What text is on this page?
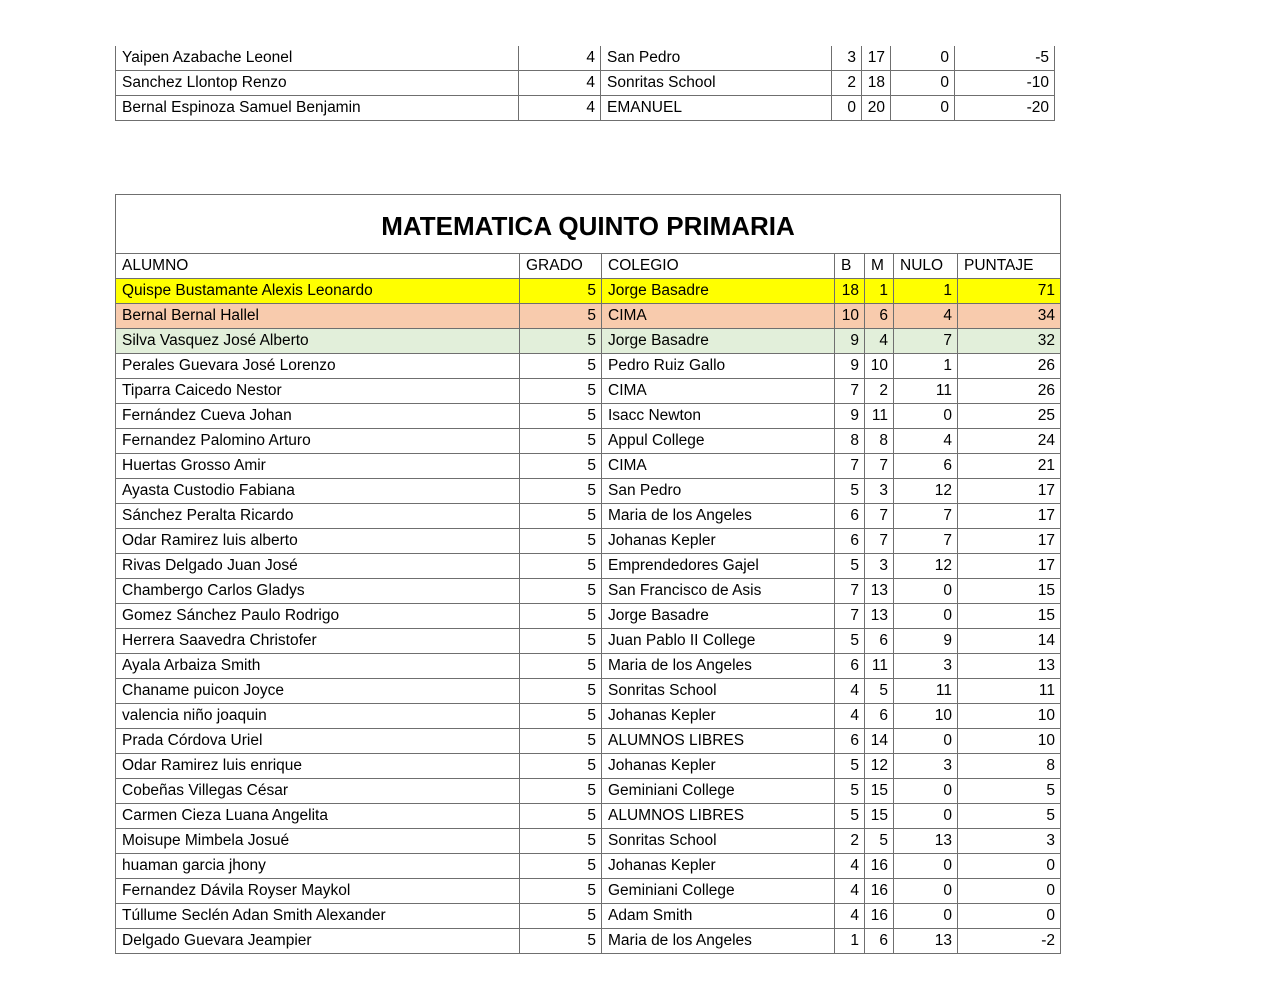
Yaipen Azabache Leonel	4	San Pedro	3	17	0	-5
Sanchez Llontop Renzo	4	Sonritas School	2	18	0	-10
Bernal Espinoza Samuel Benjamin	4	EMANUEL	0	20	0	-20
MATEMATICA QUINTO PRIMARIA						
ALUMNO	GRADO	COLEGIO	B	M	NULO	PUNTAJE
Quispe Bustamante Alexis Leonardo	5	Jorge Basadre	18	1	1	71
Bernal Bernal Hallel	5	CIMA	10	6	4	34
Silva Vasquez José Alberto	5	Jorge Basadre	9	4	7	32
Perales Guevara José Lorenzo	5	Pedro Ruiz Gallo	9	10	1	26
Tiparra Caicedo Nestor	5	CIMA	7	2	11	26
Fernández Cueva Johan	5	Isacc Newton	9	11	0	25
Fernandez Palomino Arturo	5	Appul College	8	8	4	24
Huertas Grosso Amir	5	CIMA	7	7	6	21
Ayasta Custodio Fabiana	5	San Pedro	5	3	12	17
Sánchez Peralta Ricardo	5	Maria de los Angeles	6	7	7	17
Odar Ramirez luis alberto	5	Johanas Kepler	6	7	7	17
Rivas Delgado Juan José	5	Emprendedores Gajel	5	3	12	17
Chambergo Carlos Gladys	5	San Francisco de Asis	7	13	0	15
Gomez Sánchez Paulo Rodrigo	5	Jorge Basadre	7	13	0	15
Herrera Saavedra Christofer	5	Juan Pablo II College	5	6	9	14
Ayala Arbaiza Smith	5	Maria de los Angeles	6	11	3	13
Chaname puicon Joyce	5	Sonritas School	4	5	11	11
valencia niño joaquin	5	Johanas Kepler	4	6	10	10
Prada Córdova Uriel	5	ALUMNOS LIBRES	6	14	0	10
Odar Ramirez luis enrique	5	Johanas Kepler	5	12	3	8
Cobeñas Villegas César	5	Geminiani College	5	15	0	5
Carmen Cieza Luana Angelita	5	ALUMNOS LIBRES	5	15	0	5
Moisupe Mimbela Josué	5	Sonritas School	2	5	13	3
huaman garcia jhony	5	Johanas Kepler	4	16	0	0
Fernandez Dávila Royser Maykol	5	Geminiani College	4	16	0	0
Túllume Seclén Adan Smith Alexander	5	Adam Smith	4	16	0	0
Delgado Guevara Jeampier	5	Maria de los Angeles	1	6	13	-2
